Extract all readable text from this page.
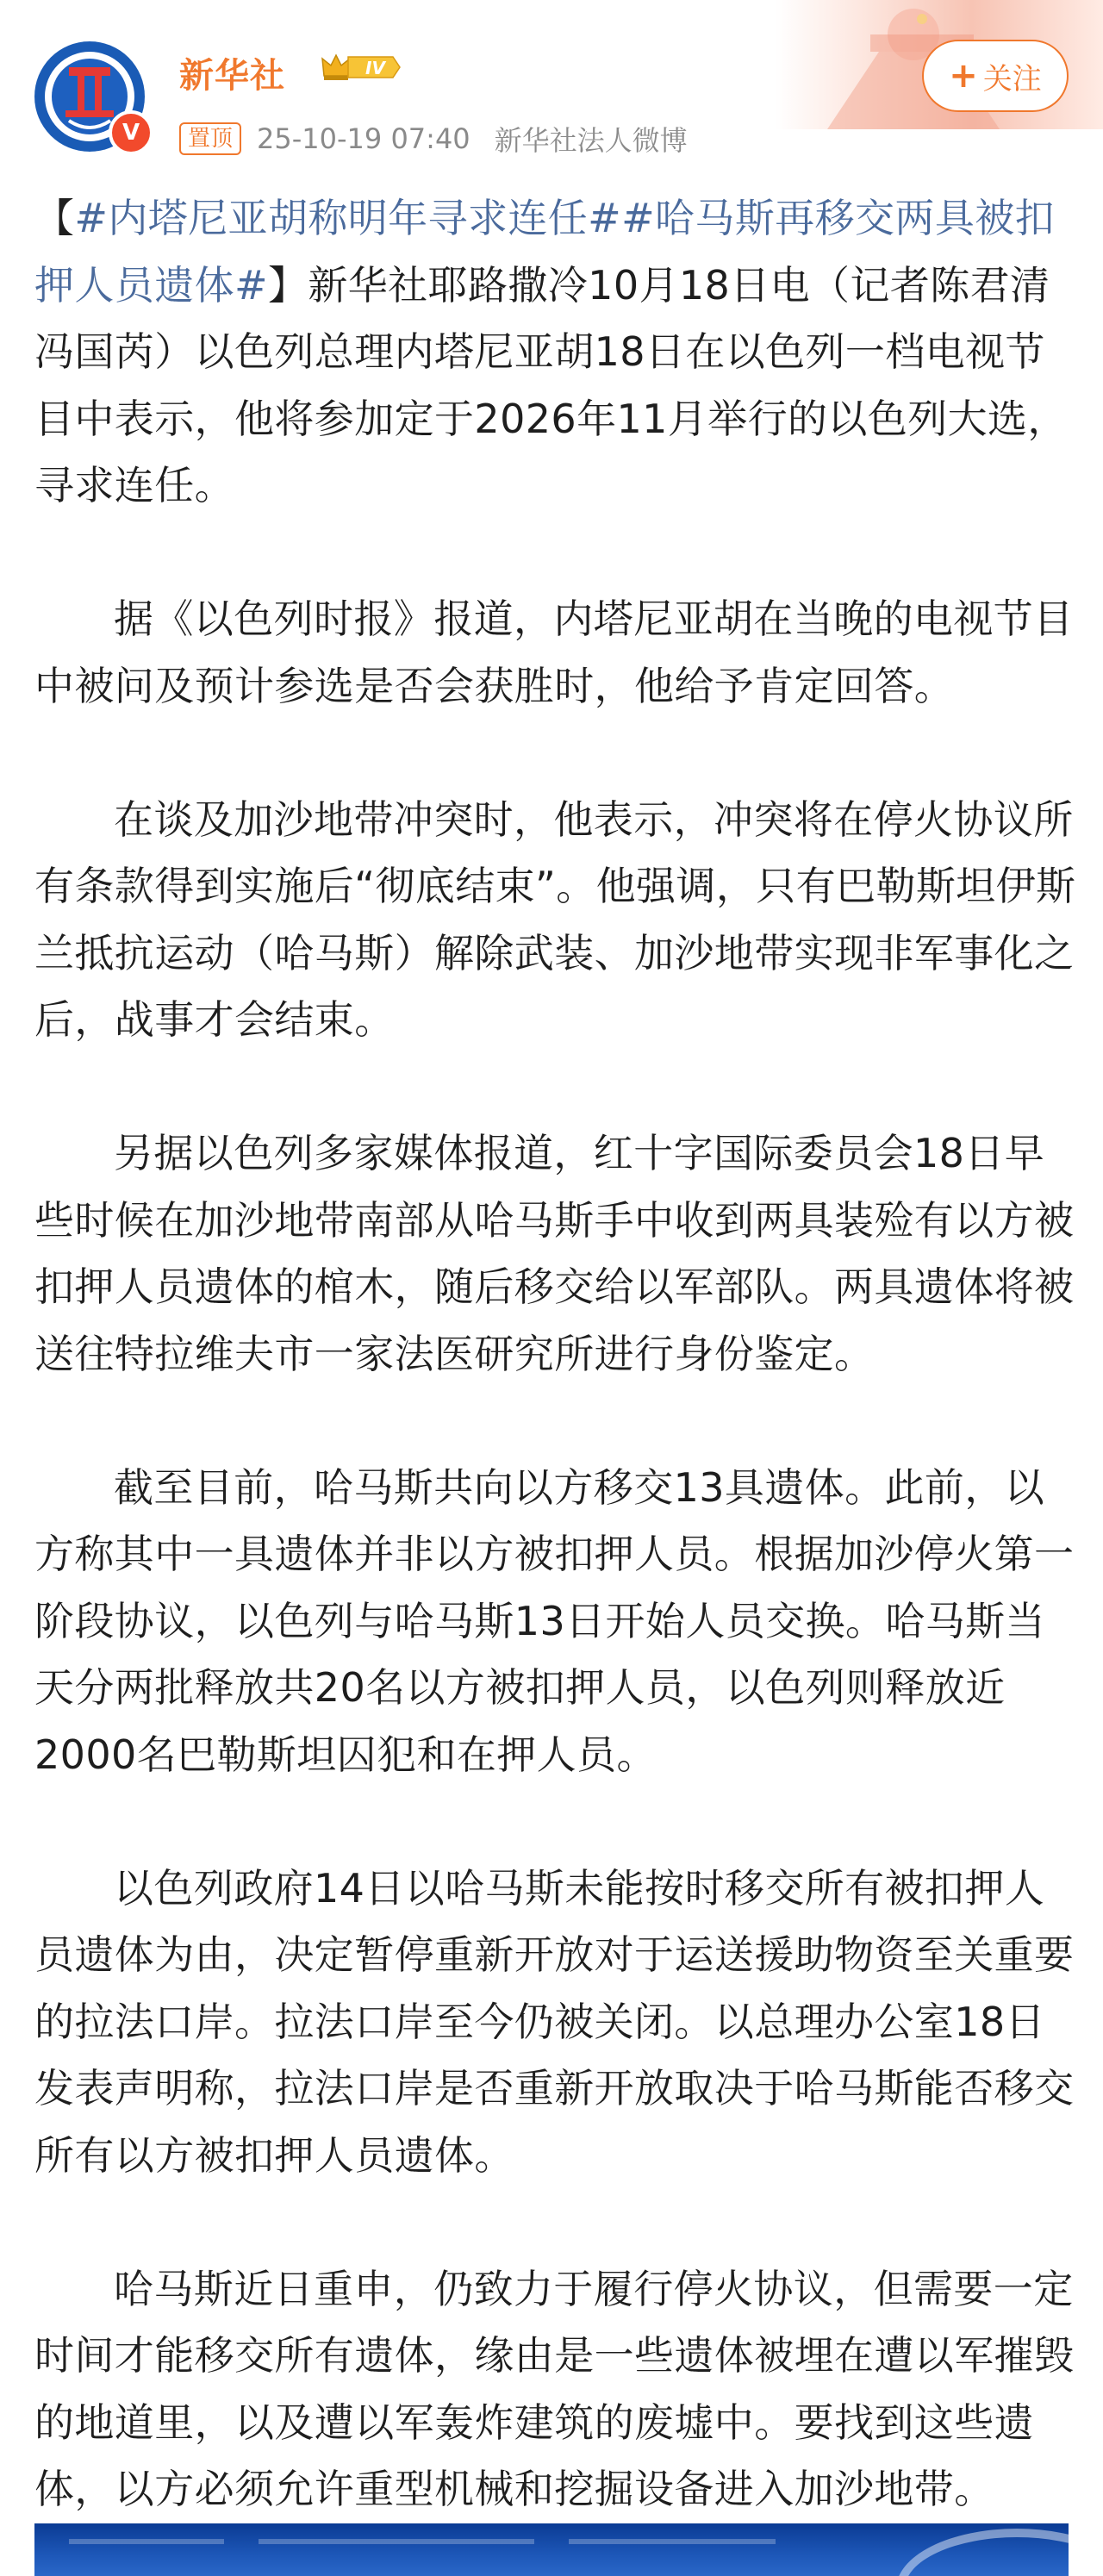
V
新华社	IV
置顶 25-10-19 07:40 新华社法人微博
+ 关注

【#内塔尼亚胡称明年寻求连任##哈马斯再移交两具被扣押人员遗体#】新华社耶路撒冷10月18日电（记者陈君清 冯国芮）以色列总理内塔尼亚胡18日在以色列一档电视节目中表示，他将参加定于2026年11月举行的以色列大选，寻求连任。

据《以色列时报》报道，内塔尼亚胡在当晚的电视节目中被问及预计参选是否会获胜时，他给予肯定回答。

在谈及加沙地带冲突时，他表示，冲突将在停火协议所有条款得到实施后“彻底结束”。他强调，只有巴勒斯坦伊斯兰抵抗运动（哈马斯）解除武装、加沙地带实现非军事化之后，战事才会结束。

另据以色列多家媒体报道，红十字国际委员会18日早些时候在加沙地带南部从哈马斯手中收到两具装殓有以方被扣押人员遗体的棺木，随后移交给以军部队。两具遗体将被送往特拉维夫市一家法医研究所进行身份鉴定。

截至目前，哈马斯共向以方移交13具遗体。此前，以方称其中一具遗体并非以方被扣押人员。根据加沙停火第一阶段协议，以色列与哈马斯13日开始人员交换。哈马斯当天分两批释放共20名以方被扣押人员，以色列则释放近2000名巴勒斯坦囚犯和在押人员。

以色列政府14日以哈马斯未能按时移交所有被扣押人员遗体为由，决定暂停重新开放对于运送援助物资至关重要的拉法口岸。拉法口岸至今仍被关闭。以总理办公室18日发表声明称，拉法口岸是否重新开放取决于哈马斯能否移交所有以方被扣押人员遗体。

哈马斯近日重申，仍致力于履行停火协议，但需要一定时间才能移交所有遗体，缘由是一些遗体被埋在遭以军摧毁的地道里，以及遭以军轰炸建筑的废墟中。要找到这些遗体，以方必须允许重型机械和挖掘设备进入加沙地带。
